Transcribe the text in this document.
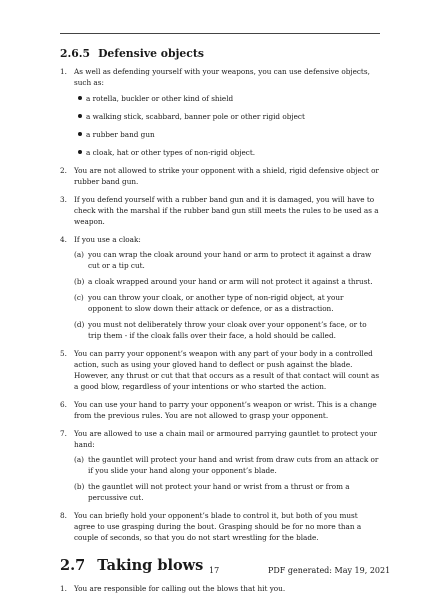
2.6.5 Defensive objects
1. As well as defending yourself with your weapons, you can use defensive objects, such as:
a rotella, buckler or other kind of shield
a walking stick, scabbard, banner pole or other rigid object
a rubber band gun
a cloak, hat or other types of non-rigid object.
2. You are not allowed to strike your opponent with a shield, rigid defensive object or rubber band gun.
3. If you defend yourself with a rubber band gun and it is damaged, you will have to check with the marshal if the rubber band gun still meets the rules to be used as a weapon.
4. If you use a cloak:
(a) you can wrap the cloak around your hand or arm to protect it against a draw cut or a tip cut.
(b) a cloak wrapped around your hand or arm will not protect it against a thrust.
(c) you can throw your cloak, or another type of non-rigid object, at your opponent to slow down their attack or defence, or as a distraction.
(d) you must not deliberately throw your cloak over your opponent’s face, or to trip them - if the cloak falls over their face, a hold should be called.
5. You can parry your opponent’s weapon with any part of your body in a controlled action, such as using your gloved hand to deflect or push against the blade. However, any thrust or cut that that occurs as a result of that contact will count as a good blow, regardless of your intentions or who started the action.
6. You can use your hand to parry your opponent’s weapon or wrist. This is a change from the previous rules. You are not allowed to grasp your opponent.
7. You are allowed to use a chain mail or armoured parrying gauntlet to protect your hand:
(a) the gauntlet will protect your hand and wrist from draw cuts from an attack or if you slide your hand along your opponent’s blade.
(b) the gauntlet will not protect your hand or wrist from a thrust or from a percussive cut.
8. You can briefly hold your opponent’s blade to control it, but both of you must agree to use grasping during the bout. Grasping should be for no more than a couple of seconds, so that you do not start wrestling for the blade.
2.7 Taking blows
1. You are responsible for calling out the blows that hit you.
17	PDF generated: May 19, 2021
